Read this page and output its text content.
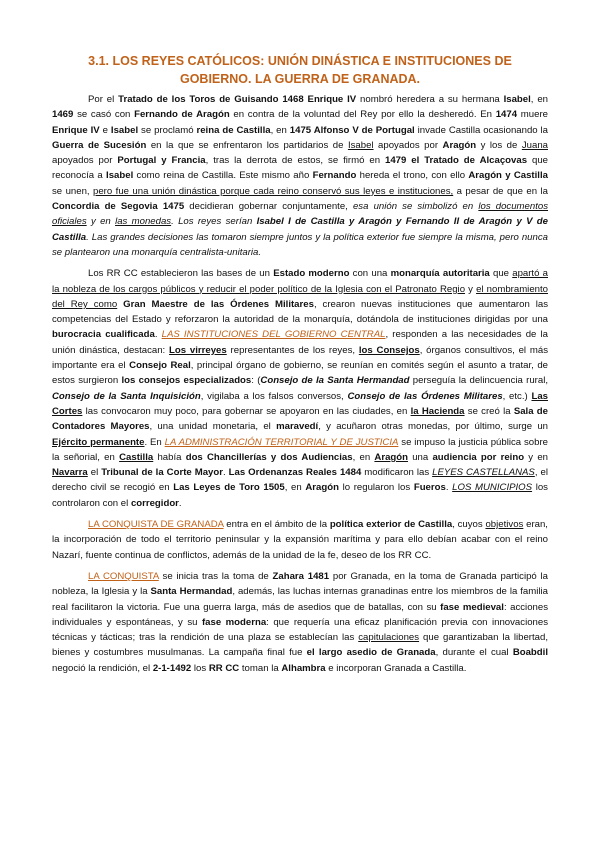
3.1. LOS REYES CATÓLICOS: UNIÓN DINÁSTICA E INSTITUCIONES DE GOBIERNO. LA GUERRA DE GRANADA.

Por el Tratado de los Toros de Guisando 1468 Enrique IV nombró heredera a su hermana Isabel, en 1469 se casó con Fernando de Aragón en contra de la voluntad del Rey por ello la desheredó. En 1474 muere Enrique IV e Isabel se proclamó reina de Castilla, en 1475 Alfonso V de Portugal invade Castilla ocasionando la Guerra de Sucesión en la que se enfrentaron los partidarios de Isabel apoyados por Aragón y los de Juana apoyados por Portugal y Francia, tras la derrota de estos, se firmó en 1479 el Tratado de Alcaçovas que reconocía a Isabel como reina de Castilla. Este mismo año Fernando hereda el trono, con ello Aragón y Castilla se unen, pero fue una unión dinástica porque cada reino conservó sus leyes e instituciones, a pesar de que en la Concordia de Segovia 1475 decidieran gobernar conjuntamente, esa unión se simbolizó en los documentos oficiales y en las monedas. Los reyes serían Isabel I de Castilla y Aragón y Fernando II de Aragón y V de Castilla. Las grandes decisiones las tomaron siempre juntos y la política exterior fue siempre la misma, pero nunca se plantearon una monarquía centralista-unitaria.

Los RR CC establecieron las bases de un Estado moderno con una monarquía autoritaria que apartó a la nobleza de los cargos públicos y reducir el poder político de la Iglesia con el Patronato Regio y el nombramiento del Rey como Gran Maestre de las Órdenes Militares, crearon nuevas instituciones que aumentaron las competencias del Estado y reforzaron la autoridad de la monarquía, dotándola de instituciones dirigidas por una burocracia cualificada. LAS INSTITUCIONES DEL GOBIERNO CENTRAL, responden a las necesidades de la unión dinástica, destacan: Los virreyes representantes de los reyes, los Consejos, órganos consultivos, el más importante era el Consejo Real, principal órgano de gobierno, se reunían en comités según el asunto a tratar, de estos surgieron los consejos especializados: (Consejo de la Santa Hermandad perseguía la delincuencia rural, Consejo de la Santa Inquisición, vigilaba a los falsos conversos, Consejo de las Órdenes Militares, etc.) Las Cortes las convocaron muy poco, para gobernar se apoyaron en las ciudades, en la Hacienda se creó la Sala de Contadores Mayores, una unidad monetaria, el maravedí, y acuñaron otras monedas, por último, surge un Ejército permanente. En LA ADMINISTRACIÓN TERRITORIAL Y DE JUSTICIA se impuso la justicia pública sobre la señorial, en Castilla había dos Chancillerías y dos Audiencias, en Aragón una audiencia por reino y en Navarra el Tribunal de la Corte Mayor. Las Ordenanzas Reales 1484 modificaron las LEYES CASTELLANAS, el derecho civil se recogió en Las Leyes de Toro 1505, en Aragón lo regularon los Fueros. LOS MUNICIPIOS los controlaron con el corregidor.

LA CONQUISTA DE GRANADA entra en el ámbito de la política exterior de Castilla, cuyos objetivos eran, la incorporación de todo el territorio peninsular y la expansión marítima y para ello debían acabar con el reino Nazarí, fuente continua de conflictos, además de la unidad de la fe, deseo de los RR CC.

LA CONQUISTA se inicia tras la toma de Zahara 1481 por Granada, en la toma de Granada participó la nobleza, la Iglesia y la Santa Hermandad, además, las luchas internas granadinas entre los miembros de la familia real facilitaron la victoria. Fue una guerra larga, más de asedios que de batallas, con su fase medieval: acciones individuales y espontáneas, y su fase moderna: que requería una eficaz planificación previa con innovaciones técnicas y tácticas; tras la rendición de una plaza se establecían las capitulaciones que garantizaban la libertad, bienes y costumbres musulmanas. La campaña final fue el largo asedio de Granada, durante el cual Boabdil negoció la rendición, el 2-1-1492 los RR CC toman la Alhambra e incorporan Granada a Castilla.
